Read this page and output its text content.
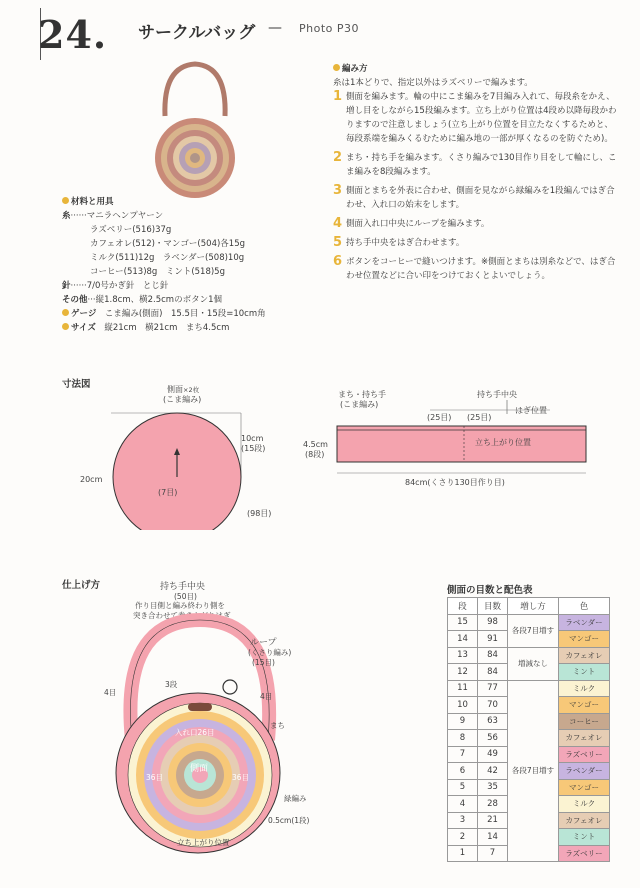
24. サークルバッグ — Photo P30
材料と用具
糸······マニラヘンプヤーン
ラズベリー(516)37g
カフェオレ(512)・マンゴー(504)各15g
ミルク(511)12g　ラベンダー(508)10g
コーヒー(513)8g　ミント(518)5g
針······7/0号かぎ針　とじ針
その他···縦1.8cm、横2.5cmのボタン1個
ゲージ　 こま編み(側面)　15.5目・15段=10cm角
サイズ　 縦21cm　横21cm　まち4.5cm
編み方
糸は1本どりで、指定以外はラズベリーで編みます。
1 側面を編みます。輪の中にこま編みを7目編み入れて、毎段糸をかえ、増し目をしながら15段編みます。立ち上がり位置は4段め以降毎段かわりますので注意しましょう(立ち上がり位置を目立たなくするためと、毎段系端を編みくるむために編み地の一部が厚くなるのを防ぐため)。
2 まち・持ち手を編みます。くさり編みで130目作り目をして輪にし、こま編みを8段編みます。
3 側面とまちを外表に合わせ、側面を見ながら緑編みを1段編んではぎ合わせ、入れ口の始末をします。
4 側面入れ口中央にループを編みます。
5 持ち手中央をはぎ合わせます。
6 ボタンをコーヒーで縫いつけます。※側面とまちは別糸などで、はぎ合わせ位置などに合い印をつけておくとよいでしょう。
寸法図	側面×2枚
(こま編み)
10cm
(15段)
20cm
(7目)
(98目)
まち・持ち手
(こま編み)
持ち手中央
(25目) (25目)
はぎ位置
立ち上がり位置
4.5cm
(8段)
84cm(くさり130目作り目)
仕上げ方	持ち手中央
(50目)
作り目側と編み終わり側を
突き合わせて巻きかがりはぎ
ループ
(くさり編み)
(15目)
4目
3段
4目
まち
入れ口26目
側面
36目	36目
緑編み
0.5cm(1段)
立ち上がり位置
側面の目数と配色表
段	目数	増し方	色
15	98	各段7目増す	ラベンダー
14	91		マンゴー
13	84	増減なし	カフェオレ
12	84		ミント
11	77	各段7目増す	ミルク
10	70		マンゴー
9	63		コーヒー
8	56		カフェオレ
7	49		ラズベリー
6	42		ラベンダー
5	35		マンゴー
4	28		ミルク
3	21		カフェオレ
2	14		ミント
1	7		ラズベリー
